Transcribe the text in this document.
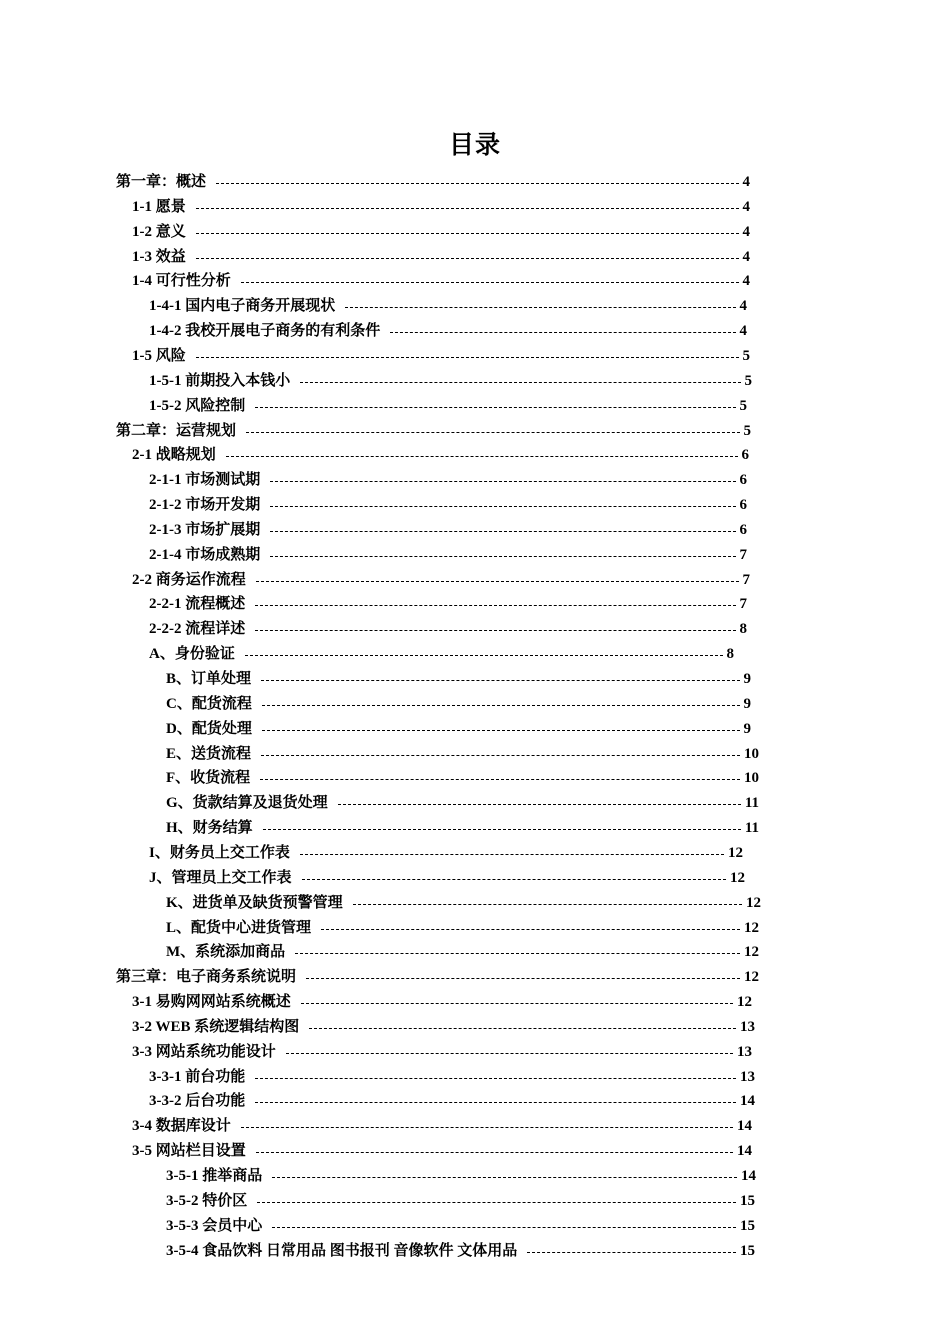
目录
第一章：概述	4
1-1 愿景	4
1-2 意义	4
1-3 效益	4
1-4 可行性分析	4
1-4-1 国内电子商务开展现状	4
1-4-2 我校开展电子商务的有利条件	4
1-5 风险	5
1-5-1 前期投入本钱小	5
1-5-2 风险控制	5
第二章：运营规划	5
2-1 战略规划	6
2-1-1 市场测试期	6
2-1-2 市场开发期	6
2-1-3 市场扩展期	6
2-1-4 市场成熟期	7
2-2 商务运作流程	7
2-2-1 流程概述	7
2-2-2 流程详述	8
A、身份验证	8
B、订单处理	9
C、配货流程	9
D、配货处理	9
E、送货流程	10
F、收货流程	10
G、货款结算及退货处理	11
H、财务结算	11
I、财务员上交工作表	12
J、管理员上交工作表	12
K、进货单及缺货预警管理	12
L、配货中心进货管理	12
M、系统添加商品	12
第三章：电子商务系统说明	12
3-1 易购网网站系统概述	12
3-2 WEB 系统逻辑结构图	13
3-3 网站系统功能设计	13
3-3-1 前台功能	13
3-3-2 后台功能	14
3-4 数据库设计	14
3-5 网站栏目设置	14
3-5-1 推举商品	14
3-5-2 特价区	15
3-5-3 会员中心	15
3-5-4 食品饮料 日常用品 图书报刊 音像软件 文体用品	15
